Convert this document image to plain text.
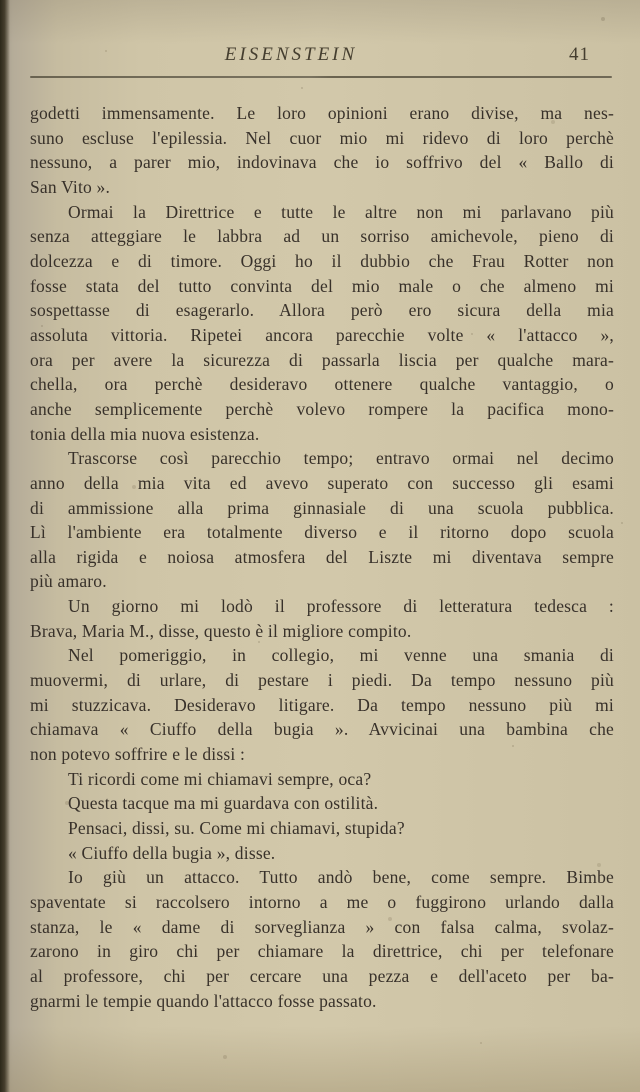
EISENSTEIN	41
godetti immensamente. Le loro opinioni erano divise, ma nes-
suno escluse l'epilessia. Nel cuor mio mi ridevo di loro perchè
nessuno, a parer mio, indovinava che io soffrivo del « Ballo di
San Vito ».
Ormai la Direttrice e tutte le altre non mi parlavano più
senza atteggiare le labbra ad un sorriso amichevole, pieno di
dolcezza e di timore. Oggi ho il dubbio che Frau Rotter non
fosse stata del tutto convinta del mio male o che almeno mi
sospettasse di esagerarlo. Allora però ero sicura della mia
assoluta vittoria. Ripetei ancora parecchie volte « l'attacco »,
ora per avere la sicurezza di passarla liscia per qualche mara-
chella, ora perchè desideravo ottenere qualche vantaggio, o
anche semplicemente perchè volevo rompere la pacifica mono-
tonia della mia nuova esistenza.
Trascorse così parecchio tempo; entravo ormai nel decimo
anno della mia vita ed avevo superato con successo gli esami
di ammissione alla prima ginnasiale di una scuola pubblica.
Lì l'ambiente era totalmente diverso e il ritorno dopo scuola
alla rigida e noiosa atmosfera del Liszte mi diventava sempre
più amaro.
Un giorno mi lodò il professore di letteratura tedesca :
Brava, Maria M., disse, questo è il migliore compito.
Nel pomeriggio, in collegio, mi venne una smania di
muovermi, di urlare, di pestare i piedi. Da tempo nessuno più
mi stuzzicava. Desideravo litigare. Da tempo nessuno più mi
chiamava « Ciuffo della bugia ». Avvicinai una bambina che
non potevo soffrire e le dissi :
Ti ricordi come mi chiamavi sempre, oca?
Questa tacque ma mi guardava con ostilità.
Pensaci, dissi, su. Come mi chiamavi, stupida?
« Ciuffo della bugia », disse.
Io giù un attacco. Tutto andò bene, come sempre. Bimbe
spaventate si raccolsero intorno a me o fuggirono urlando dalla
stanza, le « dame di sorveglianza » con falsa calma, svolaz-
zarono in giro chi per chiamare la direttrice, chi per telefonare
al professore, chi per cercare una pezza e dell'aceto per ba-
gnarmi le tempie quando l'attacco fosse passato.
